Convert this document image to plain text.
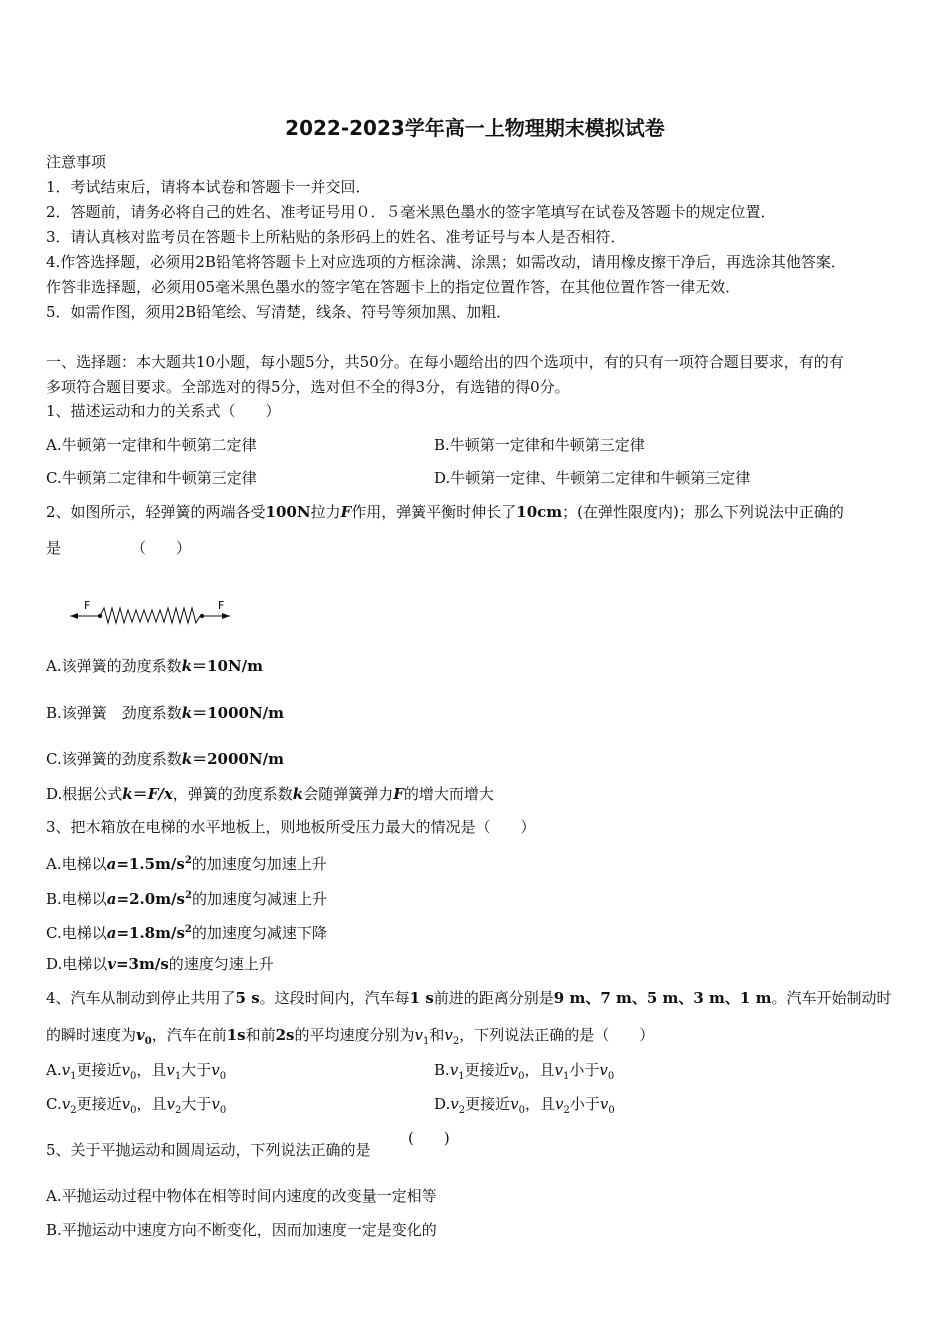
2022-2023学年高一上物理期末模拟试卷
注意事项
1．考试结束后，请将本试卷和答题卡一并交回．
2．答题前，请务必将自己的姓名、准考证号用０．５毫米黑色墨水的签字笔填写在试卷及答题卡的规定位置．
3．请认真核对监考员在答题卡上所粘贴的条形码上的姓名、准考证号与本人是否相符．
4.作答选择题，必须用2B铅笔将答题卡上对应选项的方框涂满、涂黑；如需改动，请用橡皮擦干净后，再选涂其他答案．
作答非选择题，必须用05毫米黑色墨水的签字笔在答题卡上的指定位置作答，在其他位置作答一律无效．
5．如需作图，须用2B铅笔绘、写清楚，线条、符号等须加黑、加粗．
一、选择题：本大题共10小题，每小题5分，共50分。在每小题给出的四个选项中，有的只有一项符合题目要求，有的有
多项符合题目要求。全部选对的得5分，选对但不全的得3分，有选错的得0分。
1、描述运动和力的关系式（　　）
A.牛顿第一定律和牛顿第二定律	B.牛顿第一定律和牛顿第三定律
C.牛顿第二定律和牛顿第三定律	D.牛顿第一定律、牛顿第二定律和牛顿第三定律
2、如图所示，轻弹簧的两端各受100N拉力F作用，弹簧平衡时伸长了10cm；(在弹性限度内)；那么下列说法中正确的
是	（　　）
F	F
A.该弹簧的劲度系数k＝10N/m
B.该弹簧　劲度系数k＝1000N/m
C.该弹簧的劲度系数k＝2000N/m
D.根据公式k＝F/x，弹簧的劲度系数k会随弹簧弹力F的增大而增大
3、把木箱放在电梯的水平地板上，则地板所受压力最大的情况是（　　）
A.电梯以$a=1.5m/s^2$的加速度匀加速上升
B.电梯以$a=2.0m/s^2$的加速度匀减速上升
C.电梯以$a=1.8m/s^2$的加速度匀减速下降
D.电梯以v=3m/s的速度匀速上升
4、汽车从制动到停止共用了5 s。这段时间内，汽车每1 s前进的距离分别是9 m、7 m、5 m、3 m、1 m。汽车开始制动时
的瞬时速度为$v_0$，汽车在前1s和前2s的平均速度分别为$v_1$和$v_2$，下列说法正确的是（　　）
$A.v_1$更接近$v_0$，且$v_1$大于$v_0$	$B.v_1$更接近$v_0$，且$v_1$小于$v_0$
$C.v_2$更接近$v_0$，且$v_2$大于$v_0$	$D.v_2$更接近$v_0$，且$v_2$小于$v_0$
5、关于平抛运动和圆周运动，下列说法正确的是
(　　)
A.平抛运动过程中物体在相等时间内速度的改变量一定相等
B.平抛运动中速度方向不断变化，因而加速度一定是变化的
